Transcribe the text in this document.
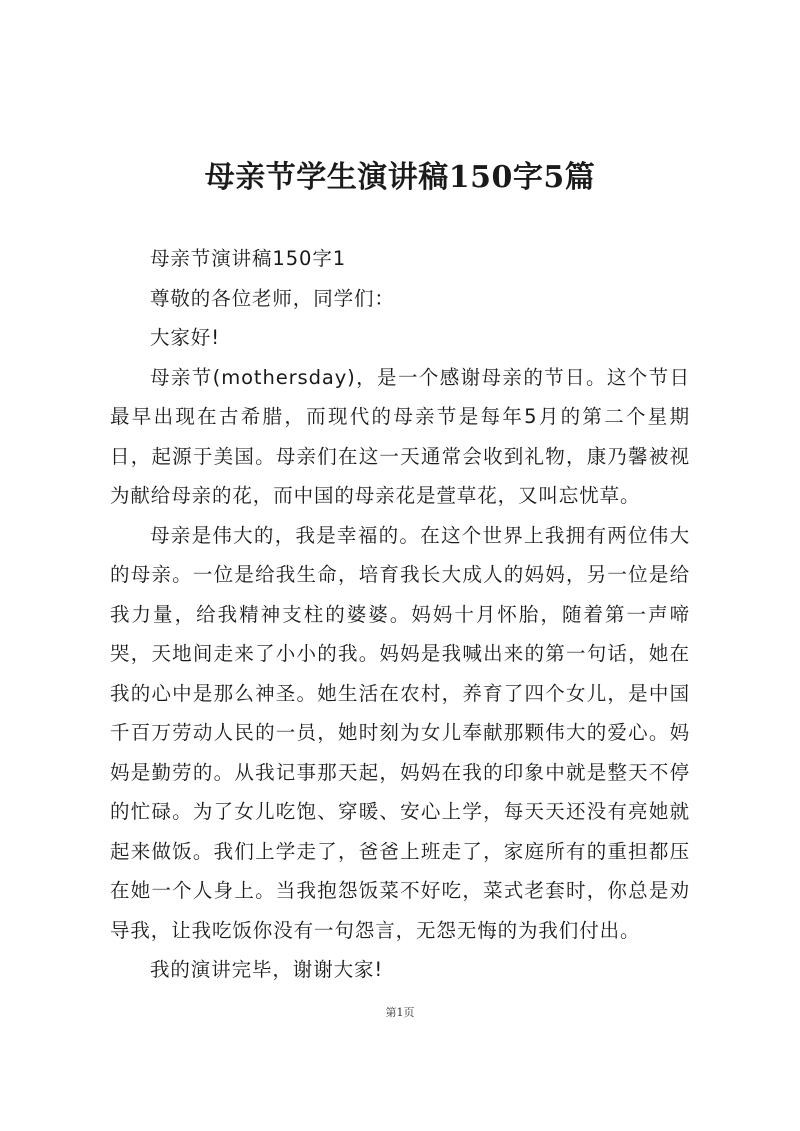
母亲节学生演讲稿150字5篇

母亲节演讲稿150字1

尊敬的各位老师，同学们：

大家好!

母亲节(mothersday)，是一个感谢母亲的节日。这个节日最早出现在古希腊，而现代的母亲节是每年5月的第二个星期日，起源于美国。母亲们在这一天通常会收到礼物，康乃馨被视为献给母亲的花，而中国的母亲花是萱草花，又叫忘忧草。

母亲是伟大的，我是幸福的。在这个世界上我拥有两位伟大的母亲。一位是给我生命，培育我长大成人的妈妈，另一位是给我力量，给我精神支柱的婆婆。妈妈十月怀胎，随着第一声啼哭，天地间走来了小小的我。妈妈是我喊出来的第一句话，她在我的心中是那么神圣。她生活在农村，养育了四个女儿，是中国千百万劳动人民的一员，她时刻为女儿奉献那颗伟大的爱心。妈妈是勤劳的。从我记事那天起，妈妈在我的印象中就是整天不停的忙碌。为了女儿吃饱、穿暖、安心上学，每天天还没有亮她就起来做饭。我们上学走了，爸爸上班走了，家庭所有的重担都压在她一个人身上。当我抱怨饭菜不好吃，菜式老套时，你总是劝导我，让我吃饭你没有一句怨言，无怨无悔的为我们付出。

我的演讲完毕，谢谢大家!

第1页
